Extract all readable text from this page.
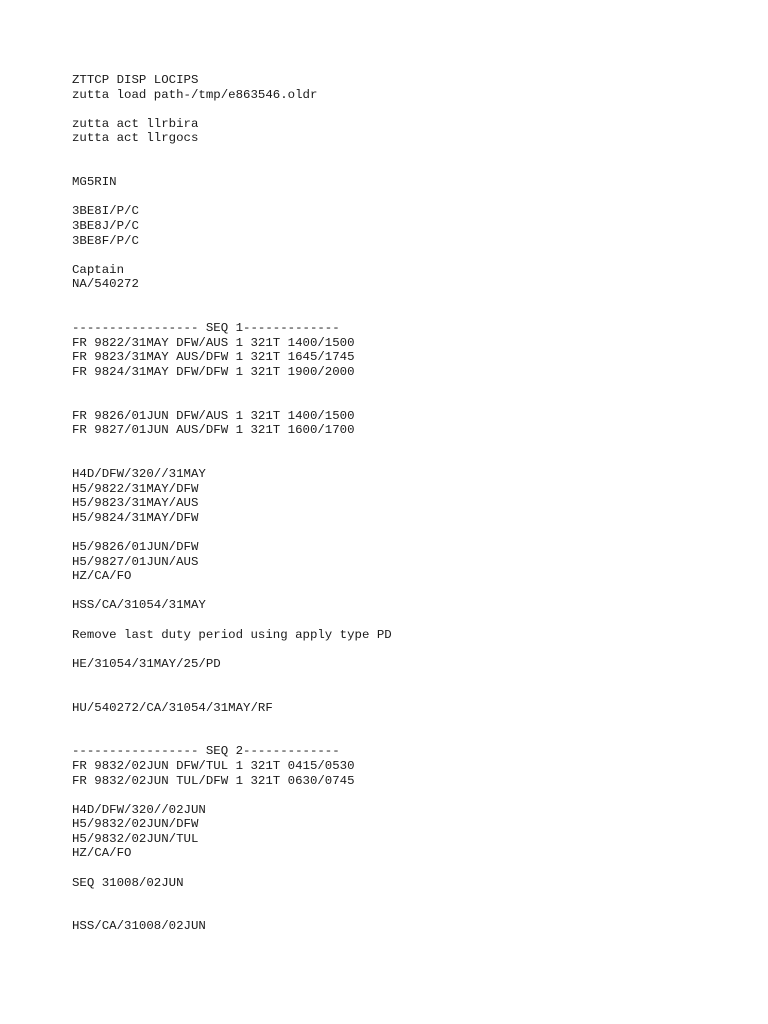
ZTTCP DISP LOCIPS
zutta load path-/tmp/e863546.oldr
zutta act llrbira
zutta act llrgocs
MG5RIN
3BE8I/P/C
3BE8J/P/C
3BE8F/P/C
Captain
NA/540272
----------------- SEQ 1-------------
FR 9822/31MAY DFW/AUS 1 321T 1400/1500
FR 9823/31MAY AUS/DFW 1 321T 1645/1745
FR 9824/31MAY DFW/DFW 1 321T 1900/2000
FR 9826/01JUN DFW/AUS 1 321T 1400/1500
FR 9827/01JUN AUS/DFW 1 321T 1600/1700
H4D/DFW/320//31MAY
H5/9822/31MAY/DFW
H5/9823/31MAY/AUS
H5/9824/31MAY/DFW
H5/9826/01JUN/DFW
H5/9827/01JUN/AUS
HZ/CA/FO
HSS/CA/31054/31MAY
Remove last duty period using apply type PD
HE/31054/31MAY/25/PD
HU/540272/CA/31054/31MAY/RF
----------------- SEQ 2-------------
FR 9832/02JUN DFW/TUL 1 321T 0415/0530
FR 9832/02JUN TUL/DFW 1 321T 0630/0745
H4D/DFW/320//02JUN
H5/9832/02JUN/DFW
H5/9832/02JUN/TUL
HZ/CA/FO
SEQ 31008/02JUN
HSS/CA/31008/02JUN
